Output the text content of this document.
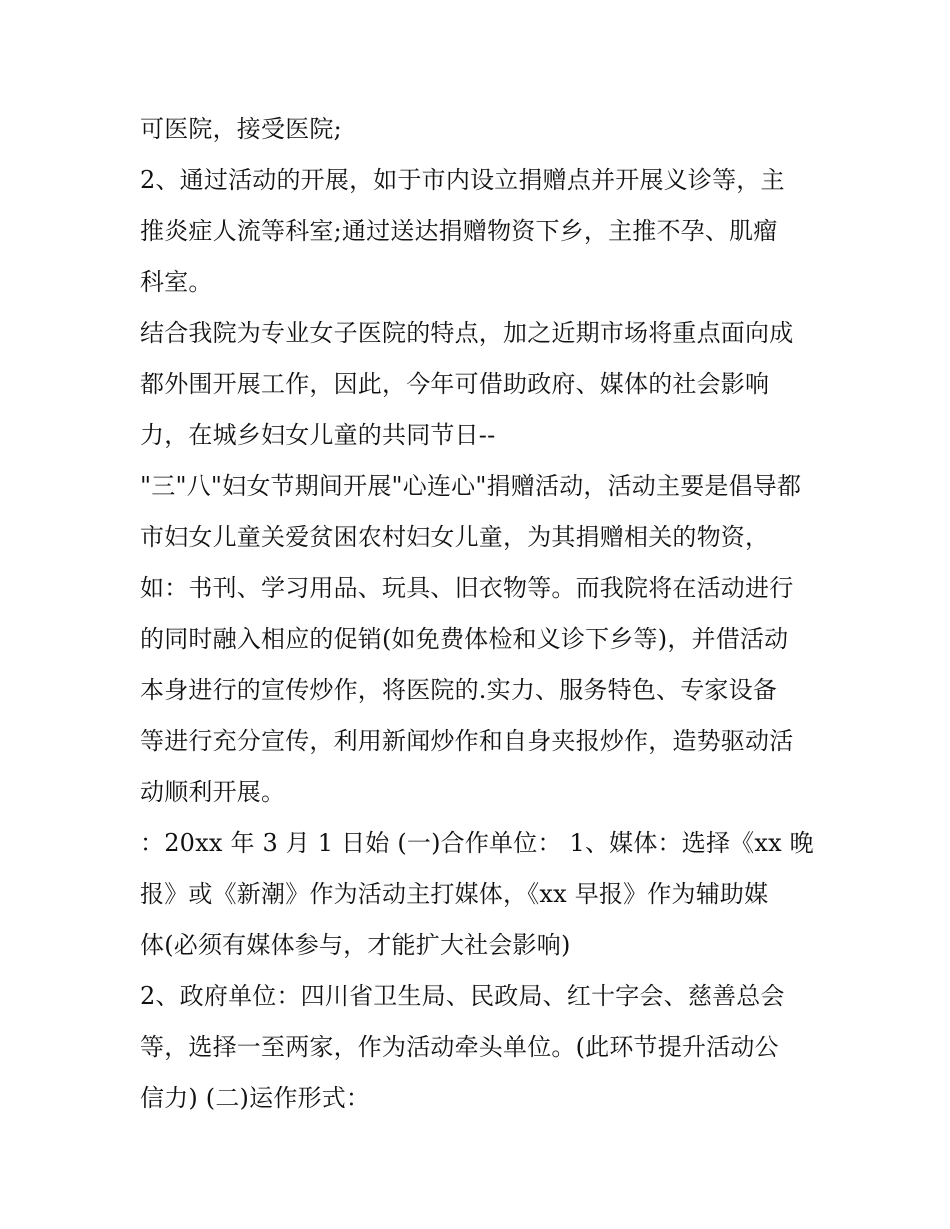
可医院，接受医院;
2、通过活动的开展，如于市内设立捐赠点并开展义诊等，主
推炎症人流等科室;通过送达捐赠物资下乡，主推不孕、肌瘤
科室。
结合我院为专业女子医院的特点，加之近期市场将重点面向成
都外围开展工作，因此，今年可借助政府、媒体的社会影响
力，在城乡妇女儿童的共同节日--
"三"八"妇女节期间开展"心连心"捐赠活动，活动主要是倡导都
市妇女儿童关爱贫困农村妇女儿童，为其捐赠相关的物资，
如：书刊、学习用品、玩具、旧衣物等。而我院将在活动进行
的同时融入相应的促销(如免费体检和义诊下乡等)，并借活动
本身进行的宣传炒作，将医院的.实力、服务特色、专家设备
等进行充分宣传，利用新闻炒作和自身夹报炒作，造势驱动活
动顺利开展。
：20xx 年 3 月 1 日始 (一)合作单位： 1、媒体：选择《xx 晚
报》或《新潮》作为活动主打媒体，《xx 早报》作为辅助媒
体(必须有媒体参与，才能扩大社会影响)
2、政府单位：四川省卫生局、民政局、红十字会、慈善总会
等，选择一至两家，作为活动牵头单位。(此环节提升活动公
信力) (二)运作形式：
